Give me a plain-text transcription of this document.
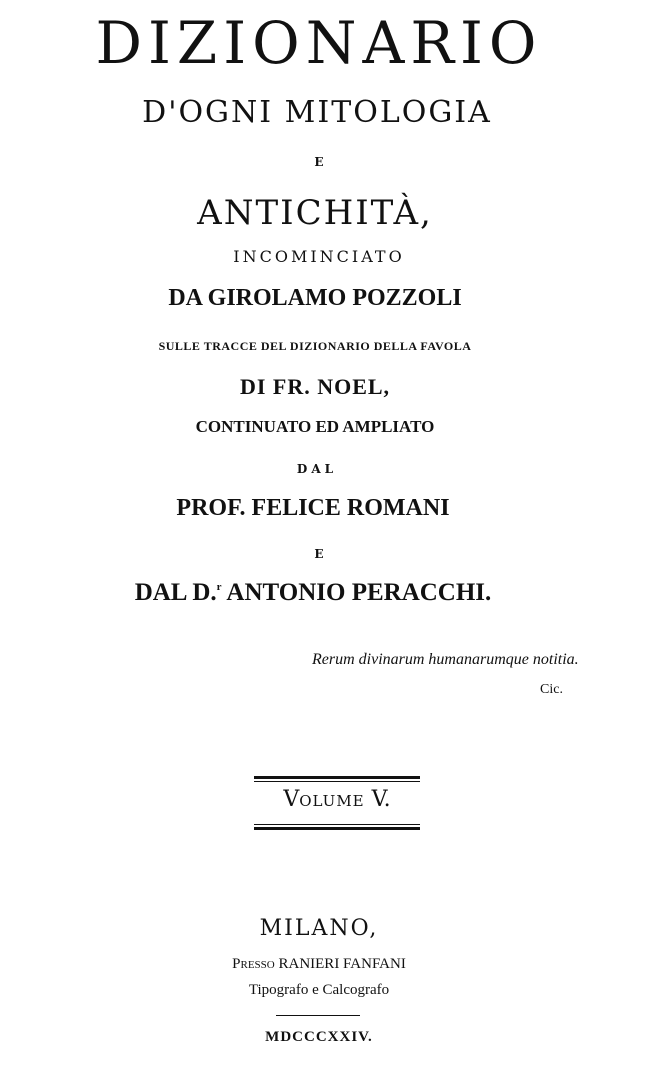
DIZIONARIO
D'OGNI MITOLOGIA
E
ANTICHITÀ,
INCOMINCIATO
DA GIROLAMO POZZOLI
SULLE TRACCE DEL DIZIONARIO DELLA FAVOLA
DI FR. NOEL,
CONTINUATO ED AMPLIATO
DAL
PROF. FELICE ROMANI
E
DAL D.$^r$ ANTONIO PERACCHI.
Rerum divinarum humanarumque notitia.
Cic.
VOLUME V.
MILANO,
PRESSO RANIERI FANFANI
Tipografo e Calcografo
MDCCCXXIV.
